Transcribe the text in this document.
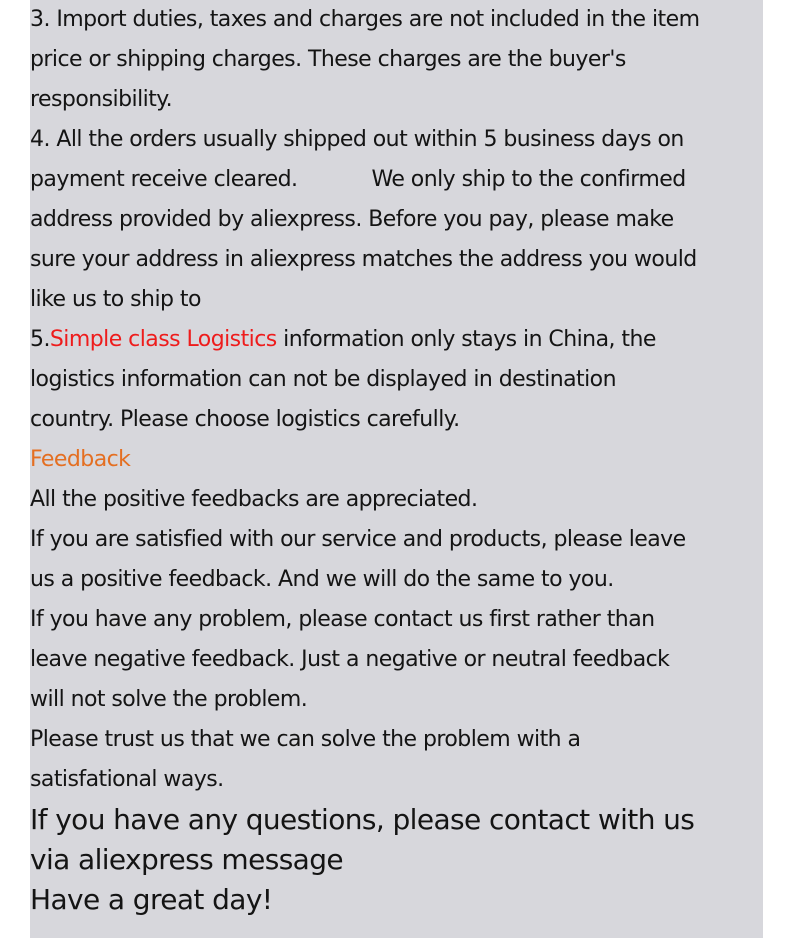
3. Import duties, taxes and charges are not included in the item
price or shipping charges. These charges are the buyer's
responsibility.
4. All the orders usually shipped out within 5 business days on
payment receive cleared.	We only ship to the confirmed
address provided by aliexpress. Before you pay, please make
sure your address in aliexpress matches the address you would
like us to ship to
5.Simple class Logistics information only stays in China, the
logistics information can not be displayed in destination
country. Please choose logistics carefully.
Feedback
All the positive feedbacks are appreciated.
If you are satisfied with our service and products, please leave
us a positive feedback. And we will do the same to you.
If you have any problem, please contact us first rather than
leave negative feedback. Just a negative or neutral feedback
will not solve the problem.
Please trust us that we can solve the problem with a
satisfational ways.
If you have any questions, please contact with us
via aliexpress message
Have a great day!
